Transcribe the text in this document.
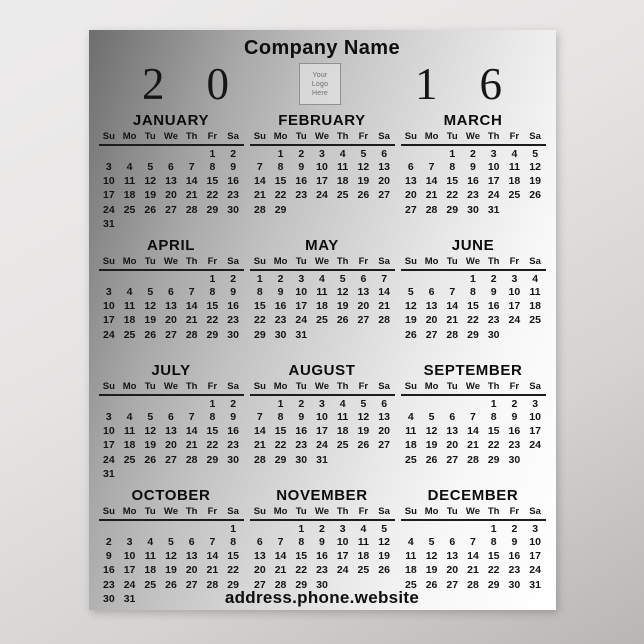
Company Name
2 0	Your
Logo
Here 1 6
JANUARY
Su	Mo	Tu	We	Th	Fr	Sa
					1	2
3	4	5	6	7	8	9
10	11	12	13	14	15	16
17	18	19	20	21	22	23
24	25	26	27	28	29	30
31						
FEBRUARY
Su	Mo	Tu	We	Th	Fr	Sa
	1	2	3	4	5	6
7	8	9	10	11	12	13
14	15	16	17	18	19	20
21	22	23	24	25	26	27
28	29					
MARCH
Su	Mo	Tu	We	Th	Fr	Sa
		1	2	3	4	5
6	7	8	9	10	11	12
13	14	15	16	17	18	19
20	21	22	23	24	25	26
27	28	29	30	31		
APRIL
Su	Mo	Tu	We	Th	Fr	Sa
					1	2
3	4	5	6	7	8	9
10	11	12	13	14	15	16
17	18	19	20	21	22	23
24	25	26	27	28	29	30
MAY
Su	Mo	Tu	We	Th	Fr	Sa
1	2	3	4	5	6	7
8	9	10	11	12	13	14
15	16	17	18	19	20	21
22	23	24	25	26	27	28
29	30	31				
JUNE
Su	Mo	Tu	We	Th	Fr	Sa
			1	2	3	4
5	6	7	8	9	10	11
12	13	14	15	16	17	18
19	20	21	22	23	24	25
26	27	28	29	30		
JULY
Su	Mo	Tu	We	Th	Fr	Sa
					1	2
3	4	5	6	7	8	9
10	11	12	13	14	15	16
17	18	19	20	21	22	23
24	25	26	27	28	29	30
31						
AUGUST
Su	Mo	Tu	We	Th	Fr	Sa
	1	2	3	4	5	6
7	8	9	10	11	12	13
14	15	16	17	18	19	20
21	22	23	24	25	26	27
28	29	30	31			
SEPTEMBER
Su	Mo	Tu	We	Th	Fr	Sa
				1	2	3
4	5	6	7	8	9	10
11	12	13	14	15	16	17
18	19	20	21	22	23	24
25	26	27	28	29	30	
OCTOBER
Su	Mo	Tu	We	Th	Fr	Sa
						1
2	3	4	5	6	7	8
9	10	11	12	13	14	15
16	17	18	19	20	21	22
23	24	25	26	27	28	29
30	31					
NOVEMBER
Su	Mo	Tu	We	Th	Fr	Sa
		1	2	3	4	5
6	7	8	9	10	11	12
13	14	15	16	17	18	19
20	21	22	23	24	25	26
27	28	29	30			
DECEMBER
Su	Mo	Tu	We	Th	Fr	Sa
				1	2	3
4	5	6	7	8	9	10
11	12	13	14	15	16	17
18	19	20	21	22	23	24
25	26	27	28	29	30	31
address.phone.website
